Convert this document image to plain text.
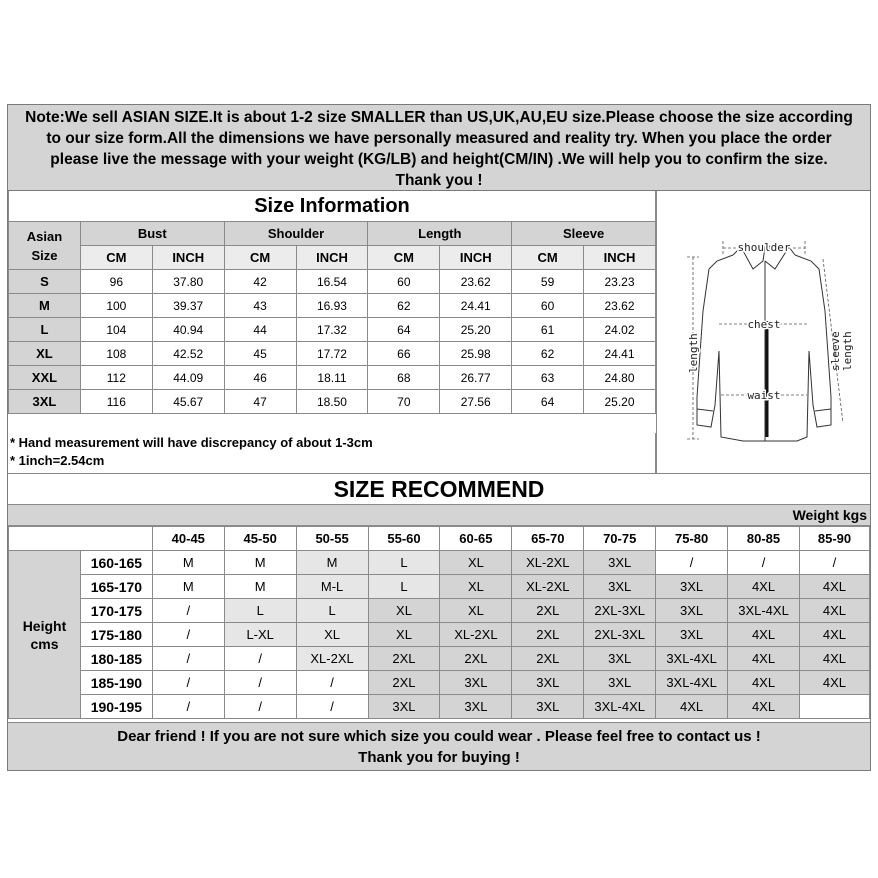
Note:We sell ASIAN SIZE.It is about 1-2 size SMALLER than US,UK,AU,EU size.Please choose the size according
to our size form.All the dimensions we have personally measured and reality try. When you place the order
please live the message with your weight (KG/LB) and height(CM/IN) .We will help you to confirm the size.
Thank you !
Size Information								
Asian
Size	Bust		Shoulder		Length		Sleeve	
	CM	INCH	CM	INCH	CM	INCH	CM	INCH
S	96	37.80	42	16.54	60	23.62	59	23.23
M	100	39.37	43	16.93	62	24.41	60	23.62
L	104	40.94	44	17.32	64	25.20	61	24.02
XL	108	42.52	45	17.72	66	25.98	62	24.41
XXL	112	44.09	46	18.11	68	26.77	63	24.80
3XL	116	45.67	47	18.50	70	27.56	64	25.20
* Hand measurement will have discrepancy of about 1-3cm
* 1inch=2.54cm
shoulder
chest
waist
length	sleeve length
SIZE RECOMMEND
Weight kgs
		40-45	45-50	50-55	55-60	60-65	65-70	70-75	75-80	80-85	85-90
Height
cms	160-165	M	M	M	L	XL	XL-2XL	3XL	/	/	/
	165-170	M	M	M-L	L	XL	XL-2XL	3XL	3XL	4XL	4XL
	170-175	/	L	L	XL	XL	2XL	2XL-3XL	3XL	3XL-4XL	4XL
	175-180	/	L-XL	XL	XL	XL-2XL	2XL	2XL-3XL	3XL	4XL	4XL
	180-185	/	/	XL-2XL	2XL	2XL	2XL	3XL	3XL-4XL	4XL	4XL
	185-190	/	/	/	2XL	3XL	3XL	3XL	3XL-4XL	4XL	4XL
	190-195	/	/	/	3XL	3XL	3XL	3XL-4XL	4XL	4XL	
Dear friend ! If you are not sure which size you could wear . Please feel free to contact us !
Thank you for buying !
